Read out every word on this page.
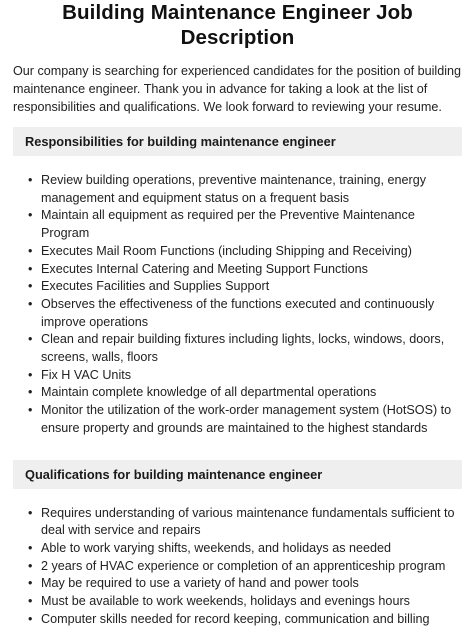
Building Maintenance Engineer Job Description

Our company is searching for experienced candidates for the position of building maintenance engineer. Thank you in advance for taking a look at the list of responsibilities and qualifications. We look forward to reviewing your resume.

Responsibilities for building maintenance engineer
• Review building operations, preventive maintenance, training, energy management and equipment status on a frequent basis
• Maintain all equipment as required per the Preventive Maintenance Program
• Executes Mail Room Functions (including Shipping and Receiving)
• Executes Internal Catering and Meeting Support Functions
• Executes Facilities and Supplies Support
• Observes the effectiveness of the functions executed and continuously improve operations
• Clean and repair building fixtures including lights, locks, windows, doors, screens, walls, floors
• Fix H VAC Units
• Maintain complete knowledge of all departmental operations
• Monitor the utilization of the work-order management system (HotSOS) to ensure property and grounds are maintained to the highest standards
Qualifications for building maintenance engineer
• Requires understanding of various maintenance fundamentals sufficient to deal with service and repairs
• Able to work varying shifts, weekends, and holidays as needed
• 2 years of HVAC experience or completion of an apprenticeship program
• May be required to use a variety of hand and power tools
• Must be available to work weekends, holidays and evenings hours
• Computer skills needed for record keeping, communication and billing
